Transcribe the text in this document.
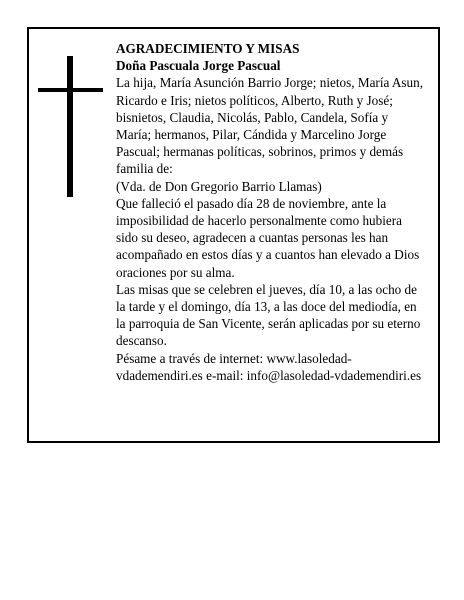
AGRADECIMIENTO Y MISAS

Doña Pascuala Jorge Pascual

La hija, María Asunción Barrio Jorge; nietos, María Asun, Ricardo e Iris; nietos políticos, Alberto, Ruth y José; bisnietos, Claudia, Nicolás, Pablo, Candela, Sofía y María; hermanos, Pilar, Cándida y Marcelino Jorge Pascual; hermanas políticas, sobrinos, primos y demás familia de:

(Vda. de Don Gregorio Barrio Llamas)

Que falleció el pasado día 28 de noviembre, ante la imposibilidad de hacerlo personalmente como hubiera sido su deseo, agradecen a cuantas personas les han acompañado en estos días y a cuantos han elevado a Dios oraciones por su alma.

Las misas que se celebren el jueves, día 10, a las ocho de la tarde y el domingo, día 13, a las doce del mediodía, en la parroquia de San Vicente, serán aplicadas por su eterno descanso.

Pésame a través de internet: www.lasoledad-vdademendiri.es e-mail: info@lasoledad-vdademendiri.es
